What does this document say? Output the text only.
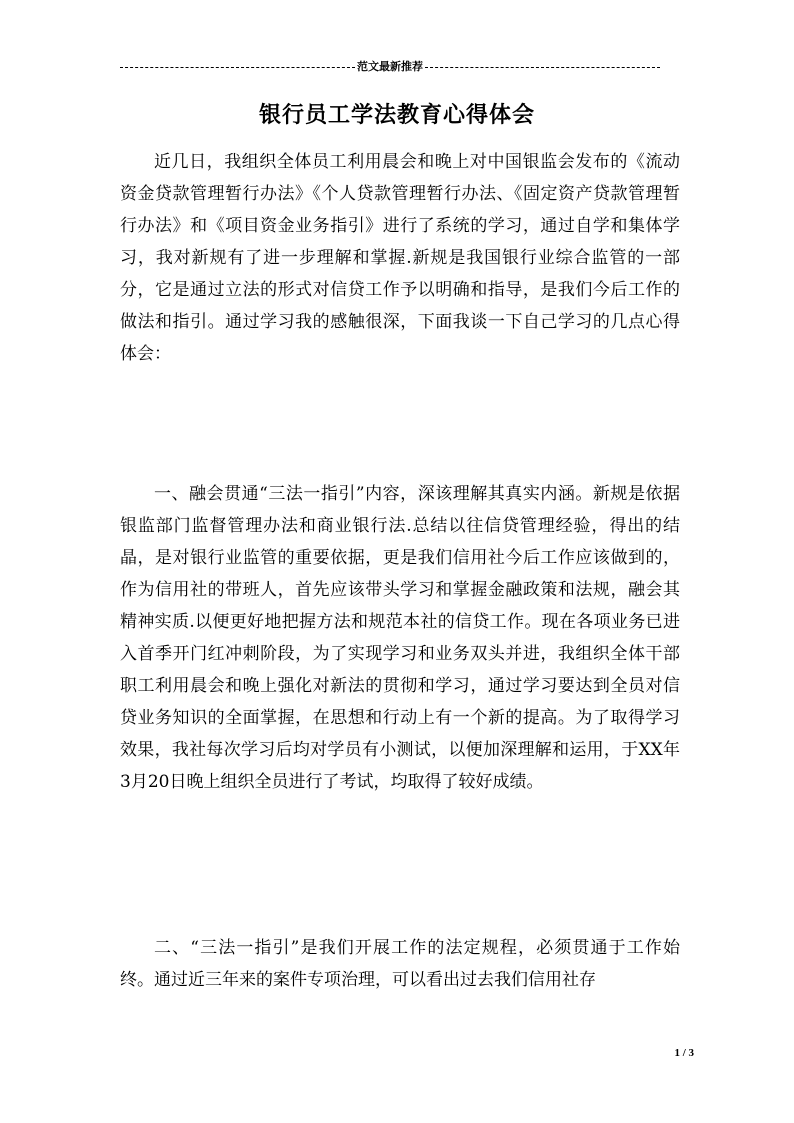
范文最新推荐
银行员工学法教育心得体会

近几日，我组织全体员工利用晨会和晚上对中国银监会发布的《流动资金贷款管理暂行办法》《个人贷款管理暂行办法、《固定资产贷款管理暂行办法》和《项目资金业务指引》进行了系统的学习，通过自学和集体学习，我对新规有了进一步理解和掌握.新规是我国银行业综合监管的一部分，它是通过立法的形式对信贷工作予以明确和指导，是我们今后工作的做法和指引。通过学习我的感触很深，下面我谈一下自己学习的几点心得体会：

一、融会贯通“三法一指引”内容，深该理解其真实内涵。新规是依据银监部门监督管理办法和商业银行法.总结以往信贷管理经验，得出的结晶，是对银行业监管的重要依据，更是我们信用社今后工作应该做到的，作为信用社的带班人，首先应该带头学习和掌握金融政策和法规，融会其精神实质.以便更好地把握方法和规范本社的信贷工作。现在各项业务已进入首季开门红冲刺阶段，为了实现学习和业务双头并进，我组织全体干部职工利用晨会和晚上强化对新法的贯彻和学习，通过学习要达到全员对信贷业务知识的全面掌握，在思想和行动上有一个新的提高。为了取得学习效果，我社每次学习后均对学员有小测试，以便加深理解和运用，于XX年3月20日晚上组织全员进行了考试，均取得了较好成绩。

二、“三法一指引”是我们开展工作的法定规程，必须贯通于工作始终。通过近三年来的案件专项治理，可以看出过去我们信用社存

1 / 3
